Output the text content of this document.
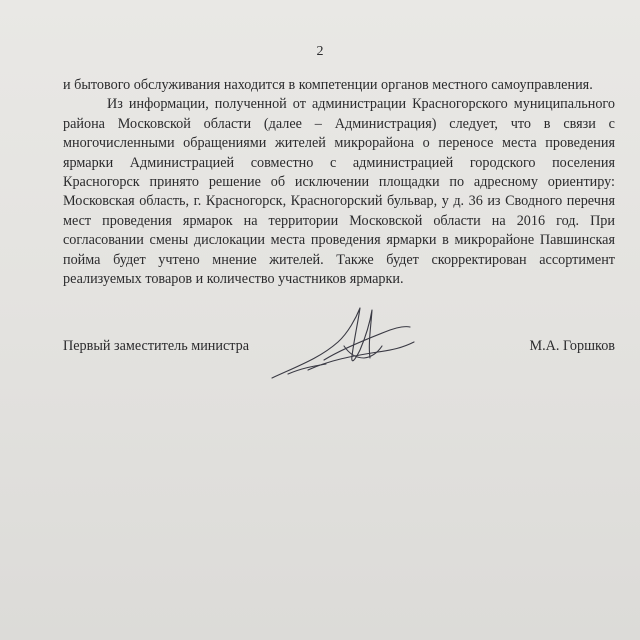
2

и бытового обслуживания находится в компетенции органов местного самоуправления.

Из информации, полученной от администрации Красногорского муниципального района Московской области (далее – Администрация) следует, что в связи с многочисленными обращениями жителей микрорайона о переносе места проведения ярмарки Администрацией совместно с администрацией городского поселения Красногорск принято решение об исключении площадки по адресному ориентиру: Московская область, г. Красногорск, Красногорский бульвар, у д. 36 из Сводного перечня мест проведения ярмарок на территории Московской области на 2016 год. При согласовании смены дислокации места проведения ярмарки в микрорайоне Павшинская пойма будет учтено мнение жителей. Также будет скорректирован ассортимент реализуемых товаров и количество участников ярмарки.

Первый заместитель министра	М.А. Горшков
